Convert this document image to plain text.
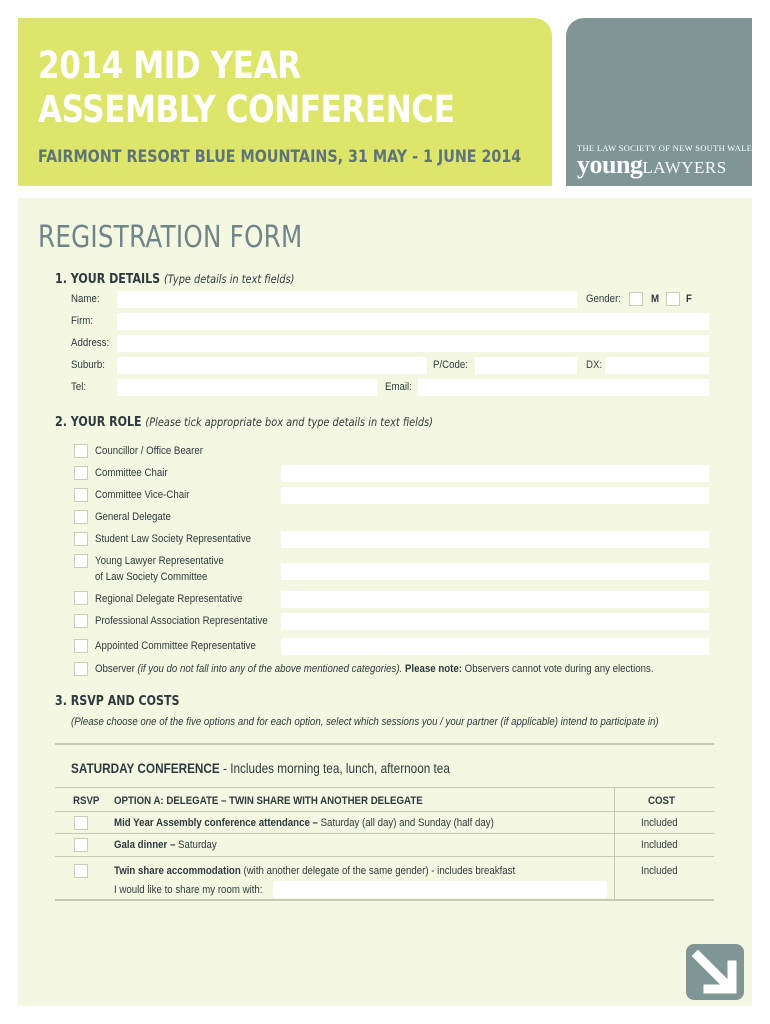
2014 MID YEAR
ASSEMBLY CONFERENCE
FAIRMONT RESORT BLUE MOUNTAINS, 31 MAY - 1 JUNE 2014	THE LAW SOCIETY OF NEW SOUTH WALES
youngLAWYERS
REGISTRATION FORM
1. YOUR DETAILS (Type details in text fields)
Name:	Gender:	M F
Firm:
Address:
Suburb:	P/Code:	DX:
Tel:	Email:
2. YOUR ROLE (Please tick appropriate box and type details in text fields)
Councillor / Office Bearer
Committee Chair
Committee Vice-Chair
General Delegate
Student Law Society Representative
Young Lawyer Representative
of Law Society Committee
Regional Delegate Representative
Professional Association Representative
Appointed Committee Representative
Observer (if you do not fall into any of the above mentioned categories). Please note: Observers cannot vote during any elections.
3. RSVP AND COSTS
(Please choose one of the five options and for each option, select which sessions you / your partner (if applicable) intend to participate in)
SATURDAY CONFERENCE - Includes morning tea, lunch, afternoon tea
RSVP OPTION A: DELEGATE – TWIN SHARE WITH ANOTHER DELEGATE	COST
Mid Year Assembly conference attendance – Saturday (all day) and Sunday (half day)	Included
Gala dinner – Saturday	Included
Twin share accommodation (with another delegate of the same gender) - includes breakfast	Included
I would like to share my room with:
